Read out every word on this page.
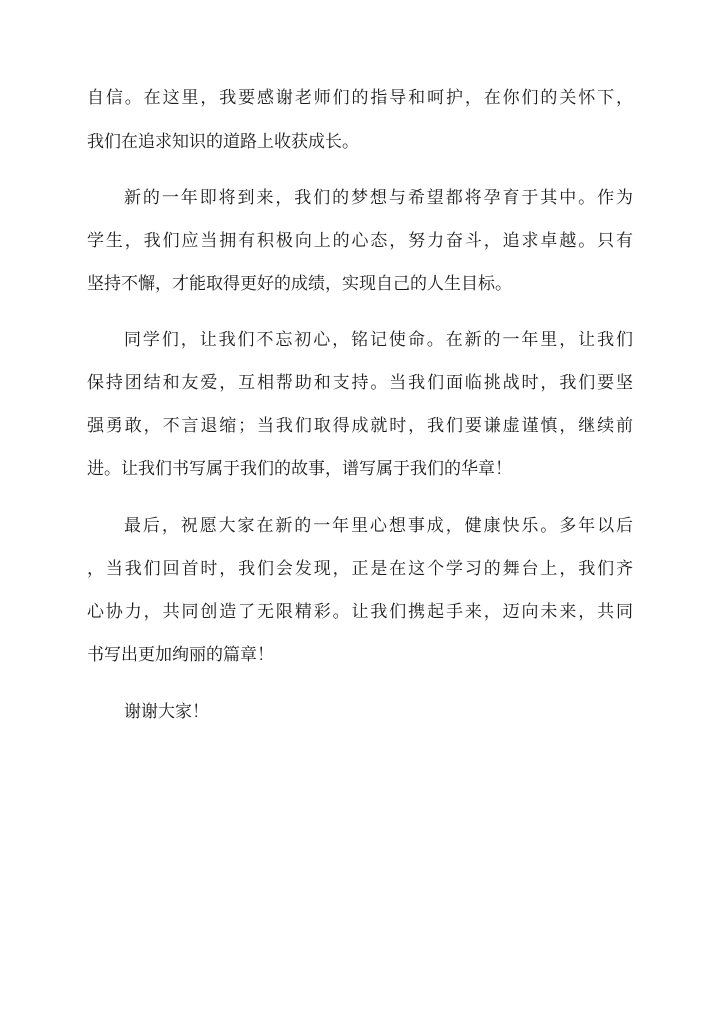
自信。在这里，我要感谢老师们的指导和呵护，在你们的关怀下，
我们在追求知识的道路上收获成长。
新的一年即将到来，我们的梦想与希望都将孕育于其中。作为
学生，我们应当拥有积极向上的心态，努力奋斗，追求卓越。只有
坚持不懈，才能取得更好的成绩，实现自己的人生目标。
同学们，让我们不忘初心，铭记使命。在新的一年里，让我们
保持团结和友爱，互相帮助和支持。当我们面临挑战时，我们要坚
强勇敢，不言退缩；当我们取得成就时，我们要谦虚谨慎，继续前
进。让我们书写属于我们的故事，谱写属于我们的华章！
最后，祝愿大家在新的一年里心想事成，健康快乐。多年以后
，当我们回首时，我们会发现，正是在这个学习的舞台上，我们齐
心协力，共同创造了无限精彩。让我们携起手来，迈向未来，共同
书写出更加绚丽的篇章！
谢谢大家！
